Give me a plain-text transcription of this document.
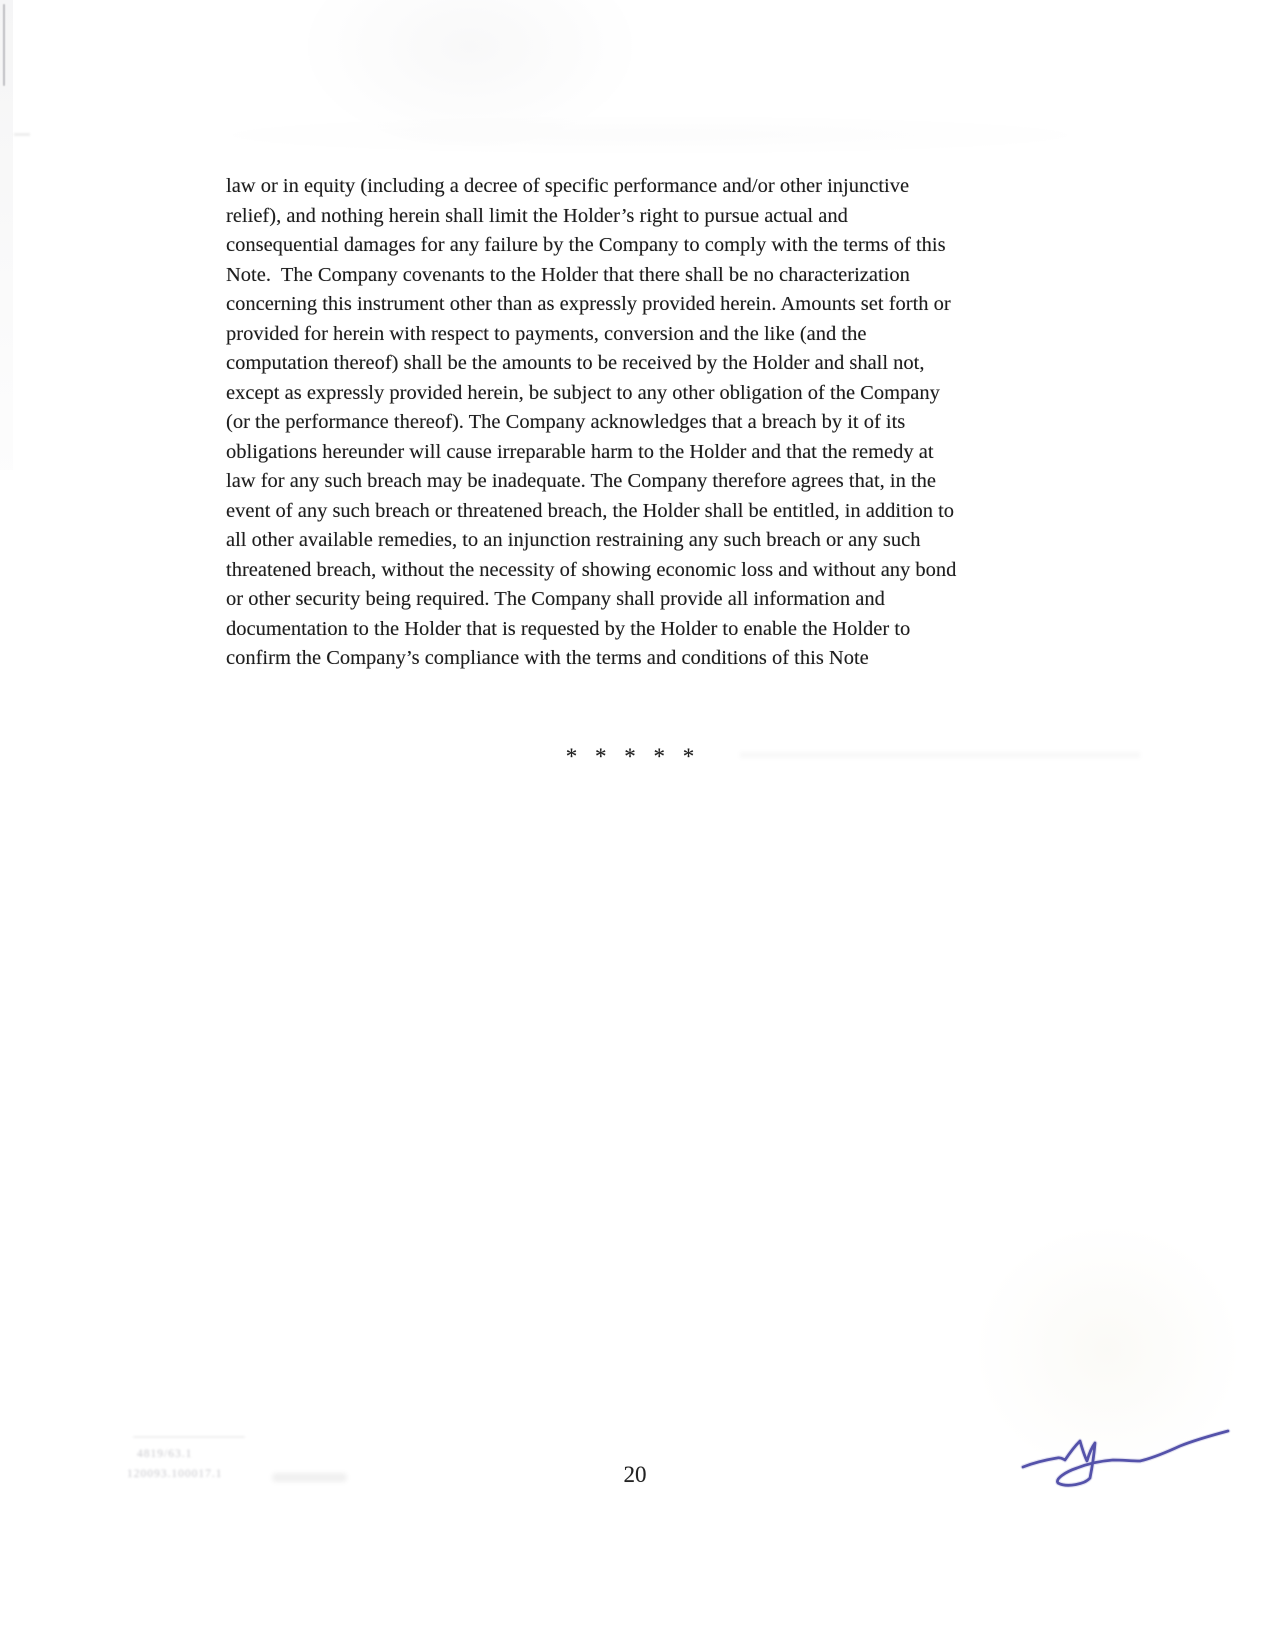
law or in equity (including a decree of specific performance and/or other injunctive
relief), and nothing herein shall limit the Holder’s right to pursue actual and
consequential damages for any failure by the Company to comply with the terms of this
Note.  The Company covenants to the Holder that there shall be no characterization
concerning this instrument other than as expressly provided herein. Amounts set forth or
provided for herein with respect to payments, conversion and the like (and the
computation thereof) shall be the amounts to be received by the Holder and shall not,
except as expressly provided herein, be subject to any other obligation of the Company
(or the performance thereof). The Company acknowledges that a breach by it of its
obligations hereunder will cause irreparable harm to the Holder and that the remedy at
law for any such breach may be inadequate. The Company therefore agrees that, in the
event of any such breach or threatened breach, the Holder shall be entitled, in addition to
all other available remedies, to an injunction restraining any such breach or any such
threatened breach, without the necessity of showing economic loss and without any bond
or other security being required. The Company shall provide all information and
documentation to the Holder that is requested by the Holder to enable the Holder to
confirm the Company’s compliance with the terms and conditions of this Note
* * * * *
4819/63.1
120093.100017.1	20
